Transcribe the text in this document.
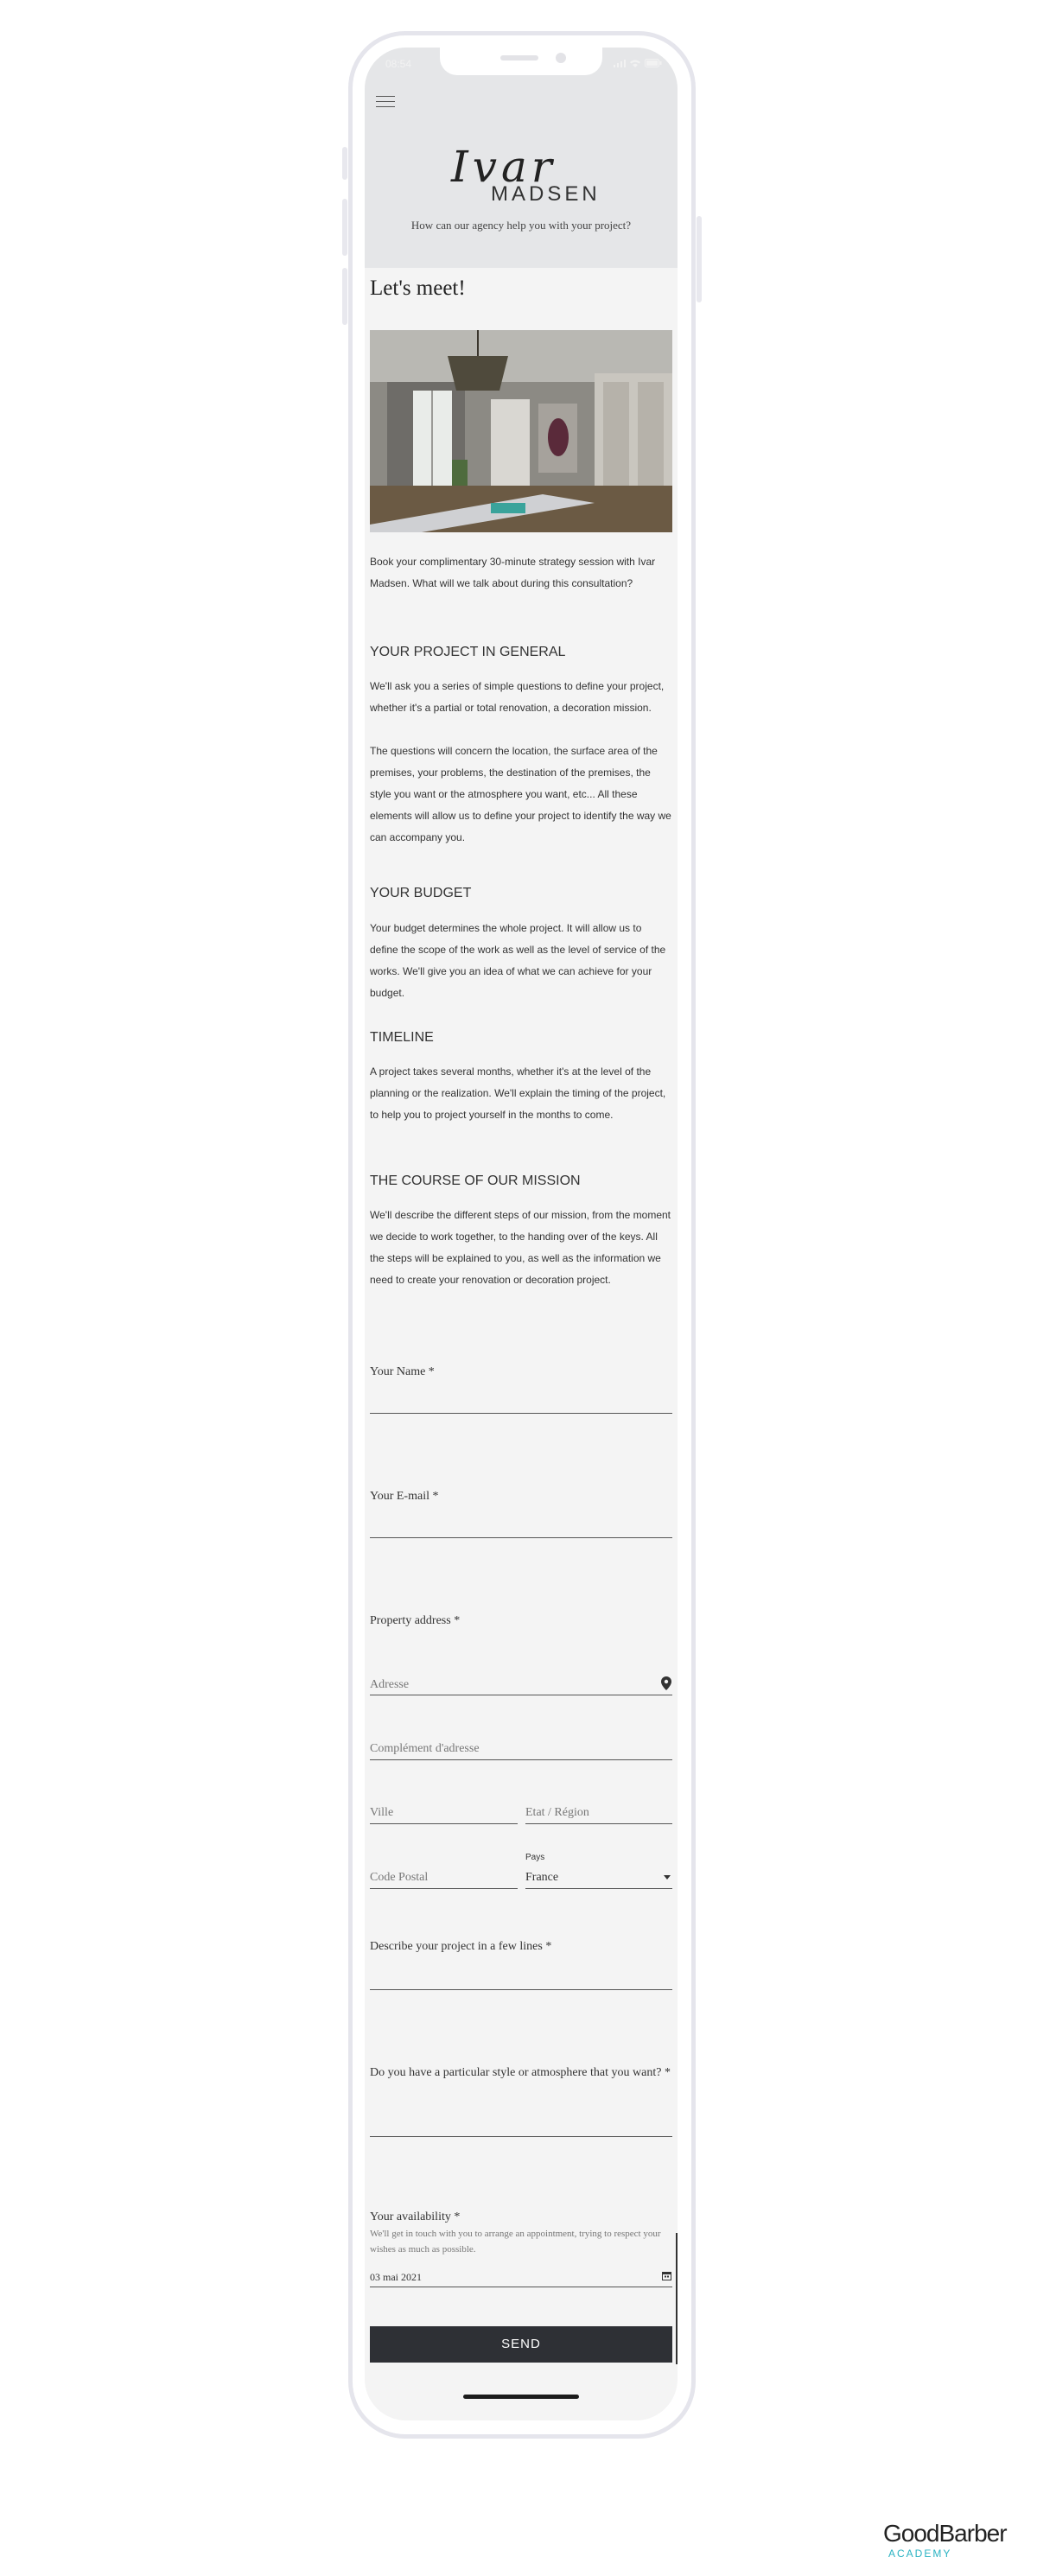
Ivar
MADSEN
How can our agency help you with your project?
08:54
Let's meet!

Book your complimentary 30-minute strategy session with Ivar Madsen. What will we talk about during this consultation?

YOUR PROJECT IN GENERAL

We'll ask you a series of simple questions to define your project, whether it's a partial or total renovation, a decoration mission.

The questions will concern the location, the surface area of the premises, your problems, the destination of the premises, the style you want or the atmosphere you want, etc... All these elements will allow us to define your project to identify the way we can accompany you.

YOUR BUDGET

Your budget determines the whole project. It will allow us to define the scope of the work as well as the level of service of the works. We'll give you an idea of what we can achieve for your budget.

TIMELINE

A project takes several months, whether it's at the level of the planning or the realization. We'll explain the timing of the project, to help you to project yourself in the months to come.

THE COURSE OF OUR MISSION

We'll describe the different steps of our mission, from the moment we decide to work together, to the handing over of the keys. All the steps will be explained to you, as well as the information we need to create your renovation or decoration project.

Your Name *
Your E-mail *
Property address *
Adresse
Complément d'adresse
Ville	Etat / Région
Code Postal
Pays
France
Describe your project in a few lines *
Do you have a particular style or atmosphere that you want? *
Your availability *
We'll get in touch with you to arrange an appointment, trying to respect your wishes as much as possible.
03 mai 2021
SEND
GoodBarber
ACADEMY
